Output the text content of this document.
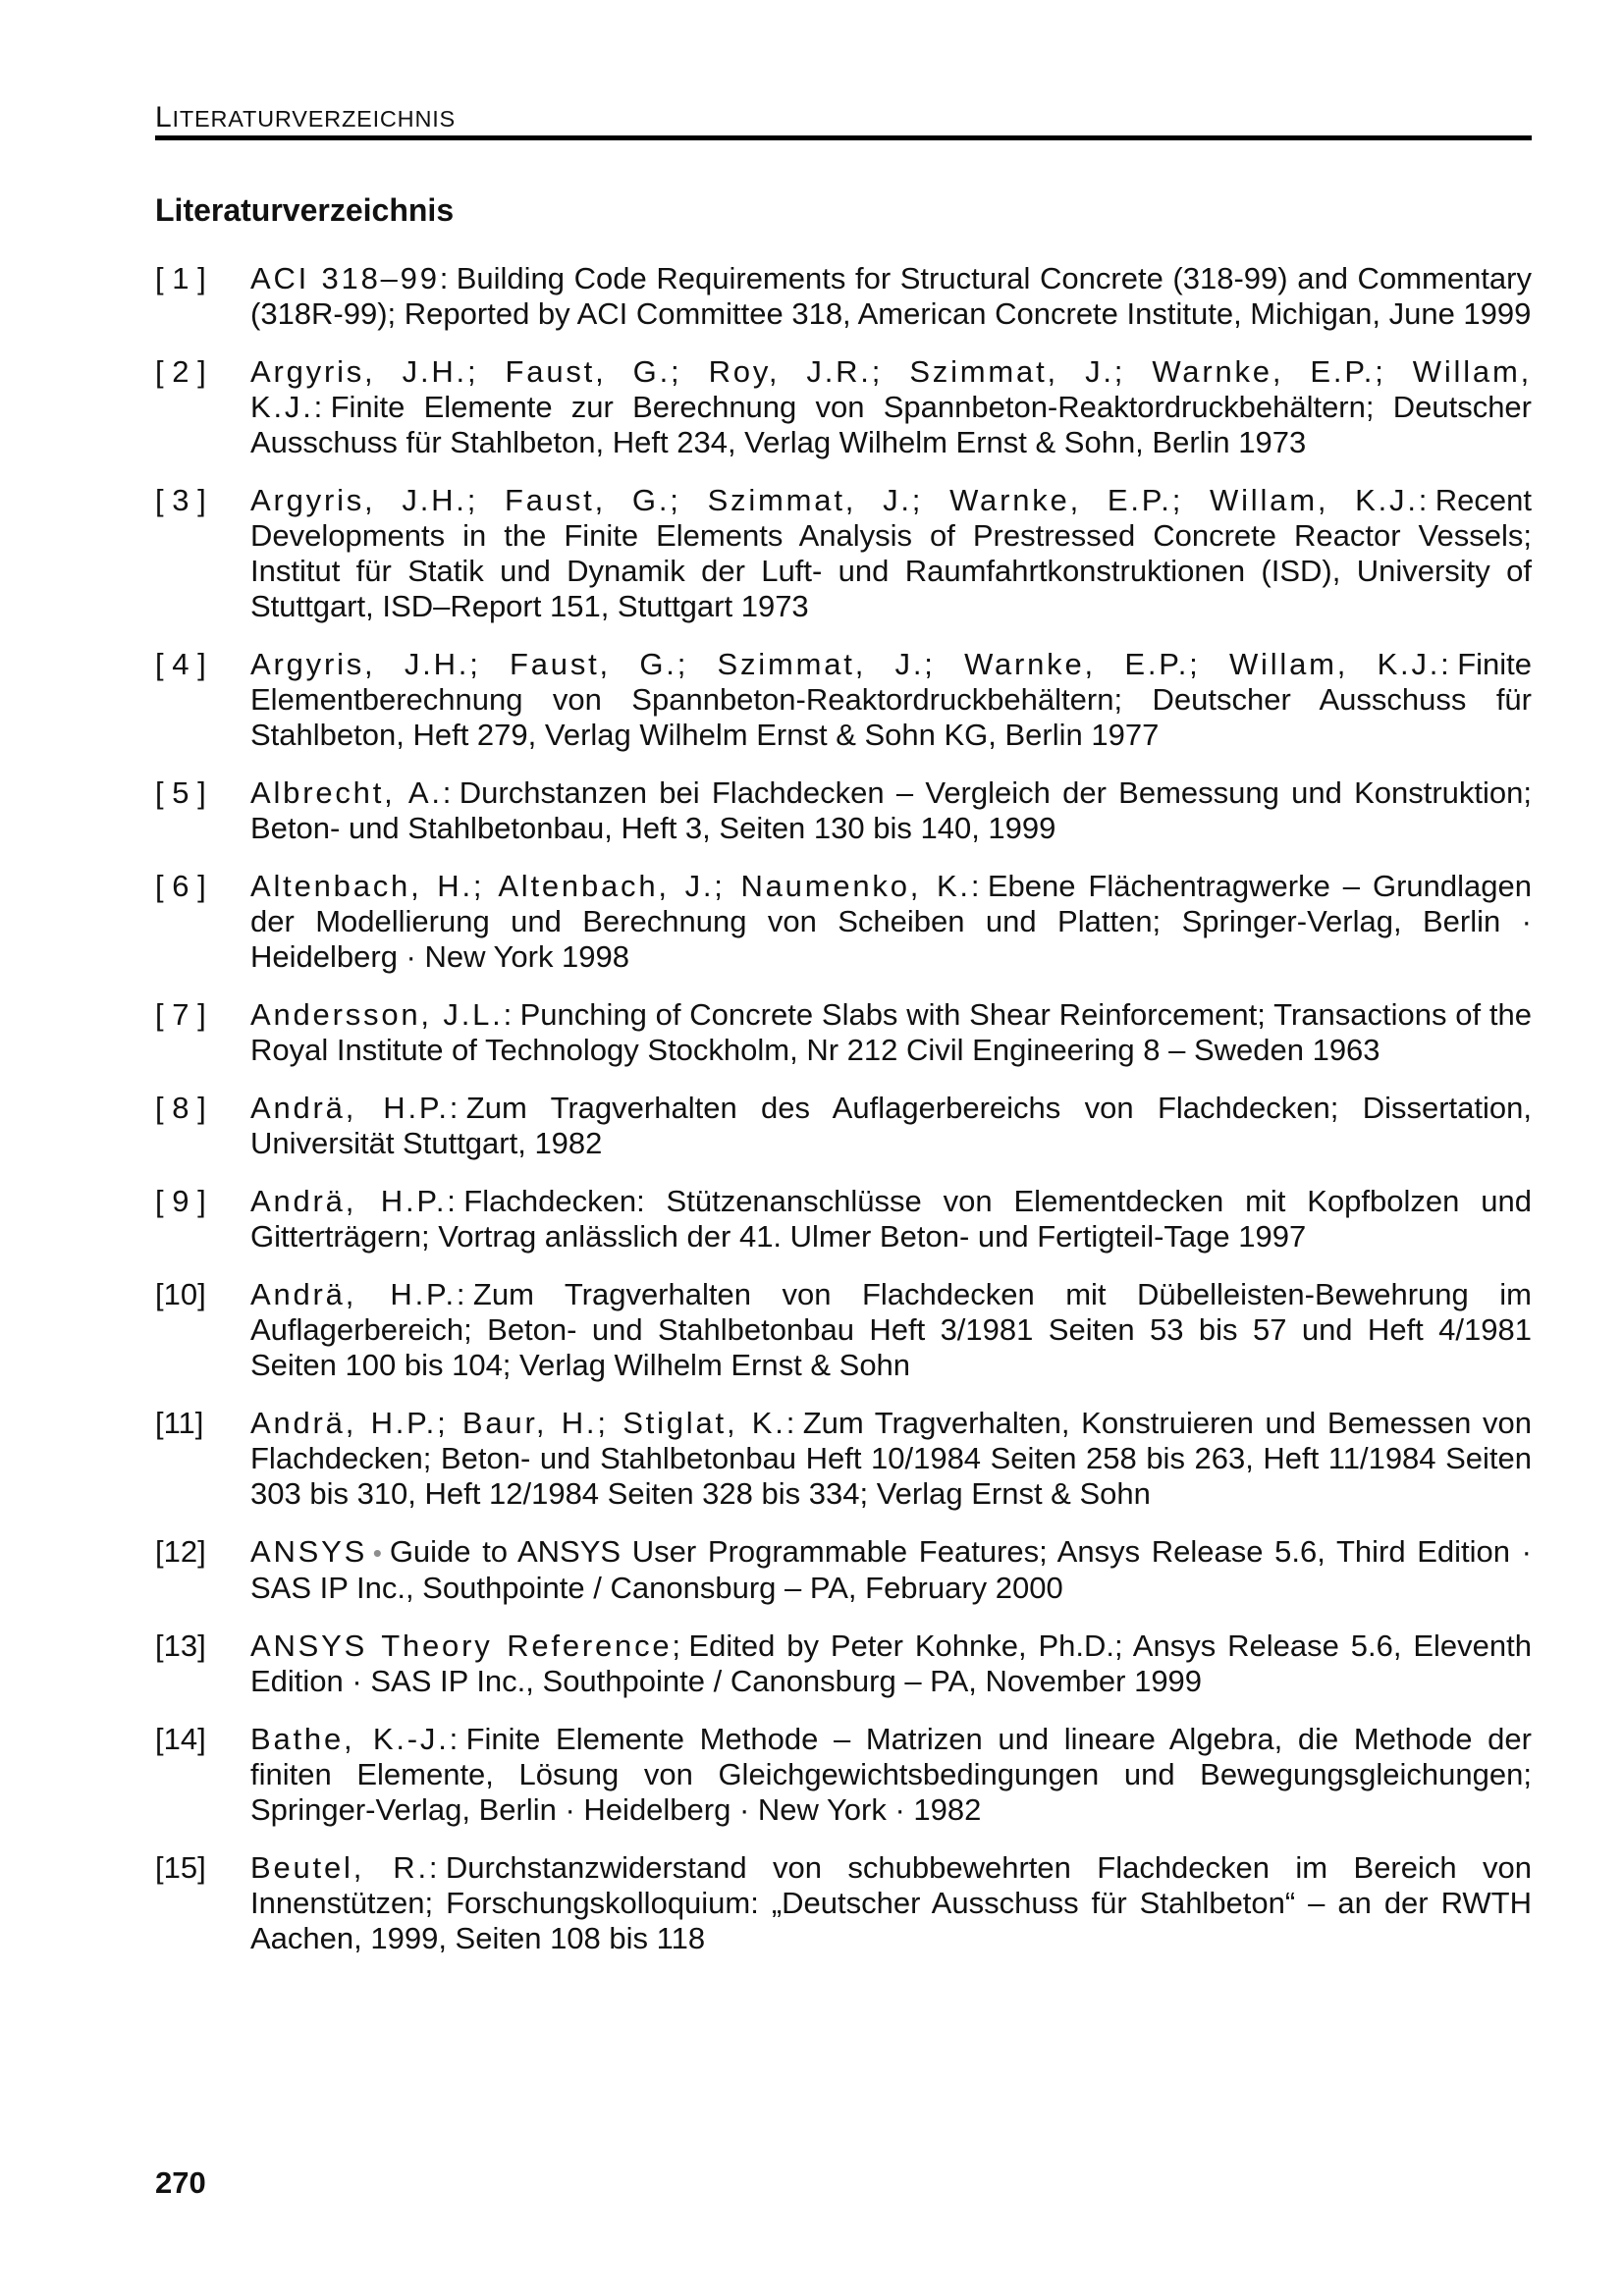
LITERATURVERZEICHNIS
Literaturverzeichnis
[ 1 ]	ACI 318–99: Building Code Requirements for Structural Concrete (318-99) and Commentary (318R-99); Reported by ACI Committee 318, American Concrete Institute, Michigan, June 1999
[ 2 ]	Argyris, J.H.; Faust, G.; Roy, J.R.; Szimmat, J.; Warnke, E.P.; Willam, K.J.: Finite Elemente zur Berechnung von Spannbeton-Reaktordruckbehältern; Deutscher Ausschuss für Stahlbeton, Heft 234, Verlag Wilhelm Ernst & Sohn, Berlin 1973
[ 3 ]	Argyris, J.H.; Faust, G.; Szimmat, J.; Warnke, E.P.; Willam, K.J.: Recent Developments in the Finite Elements Analysis of Prestressed Concrete Reactor Vessels; Institut für Statik und Dynamik der Luft- und Raumfahrtkonstruktionen (ISD), University of Stuttgart, ISD–Report 151, Stuttgart 1973
[ 4 ]	Argyris, J.H.; Faust, G.; Szimmat, J.; Warnke, E.P.; Willam, K.J.: Finite Elementberechnung von Spannbeton-Reaktordruckbehältern; Deutscher Ausschuss für Stahlbeton, Heft 279, Verlag Wilhelm Ernst & Sohn KG, Berlin 1977
[ 5 ]	Albrecht, A.: Durchstanzen bei Flachdecken – Vergleich der Bemessung und Konstruktion; Beton- und Stahlbetonbau, Heft 3, Seiten 130 bis 140, 1999
[ 6 ]	Altenbach, H.; Altenbach, J.; Naumenko, K.: Ebene Flächentragwerke – Grundlagen der Modellierung und Berechnung von Scheiben und Platten; Springer-Verlag, Berlin · Heidelberg · New York 1998
[ 7 ]	Andersson, J.L.: Punching of Concrete Slabs with Shear Reinforcement; Transactions of the Royal Institute of Technology Stockholm, Nr 212 Civil Engineering 8 – Sweden 1963
[ 8 ]	Andrä, H.P.: Zum Tragverhalten des Auflagerbereichs von Flachdecken; Dissertation, Universität Stuttgart, 1982
[ 9 ]	Andrä, H.P.: Flachdecken: Stützenanschlüsse von Elementdecken mit Kopfbolzen und Gitterträgern; Vortrag anlässlich der 41. Ulmer Beton- und Fertigteil-Tage 1997
[10]	Andrä, H.P.: Zum Tragverhalten von Flachdecken mit Dübelleisten-Bewehrung im Auflagerbereich; Beton- und Stahlbetonbau Heft 3/1981 Seiten 53 bis 57 und Heft 4/1981 Seiten 100 bis 104; Verlag Wilhelm Ernst & Sohn
[11]	Andrä, H.P.; Baur, H.; Stiglat, K.: Zum Tragverhalten, Konstruieren und Bemessen von Flachdecken; Beton- und Stahlbetonbau Heft 10/1984 Seiten 258 bis 263, Heft 11/1984 Seiten 303 bis 310, Heft 12/1984 Seiten 328 bis 334; Verlag Ernst & Sohn
[12]	ANSYS • Guide to ANSYS User Programmable Features; Ansys Release 5.6, Third Edition · SAS IP Inc., Southpointe / Canonsburg – PA, February 2000
[13]	ANSYS Theory Reference; Edited by Peter Kohnke, Ph.D.; Ansys Release 5.6, Eleventh Edition · SAS IP Inc., Southpointe / Canonsburg – PA, November 1999
[14]	Bathe, K.-J.: Finite Elemente Methode – Matrizen und lineare Algebra, die Methode der finiten Elemente, Lösung von Gleichgewichtsbedingungen und Bewegungsgleichungen; Springer-Verlag, Berlin · Heidelberg · New York · 1982
[15]	Beutel, R.: Durchstanzwiderstand von schubbewehrten Flachdecken im Bereich von Innenstützen; Forschungskolloquium: „Deutscher Ausschuss für Stahlbeton“ – an der RWTH Aachen, 1999, Seiten 108 bis 118
270
